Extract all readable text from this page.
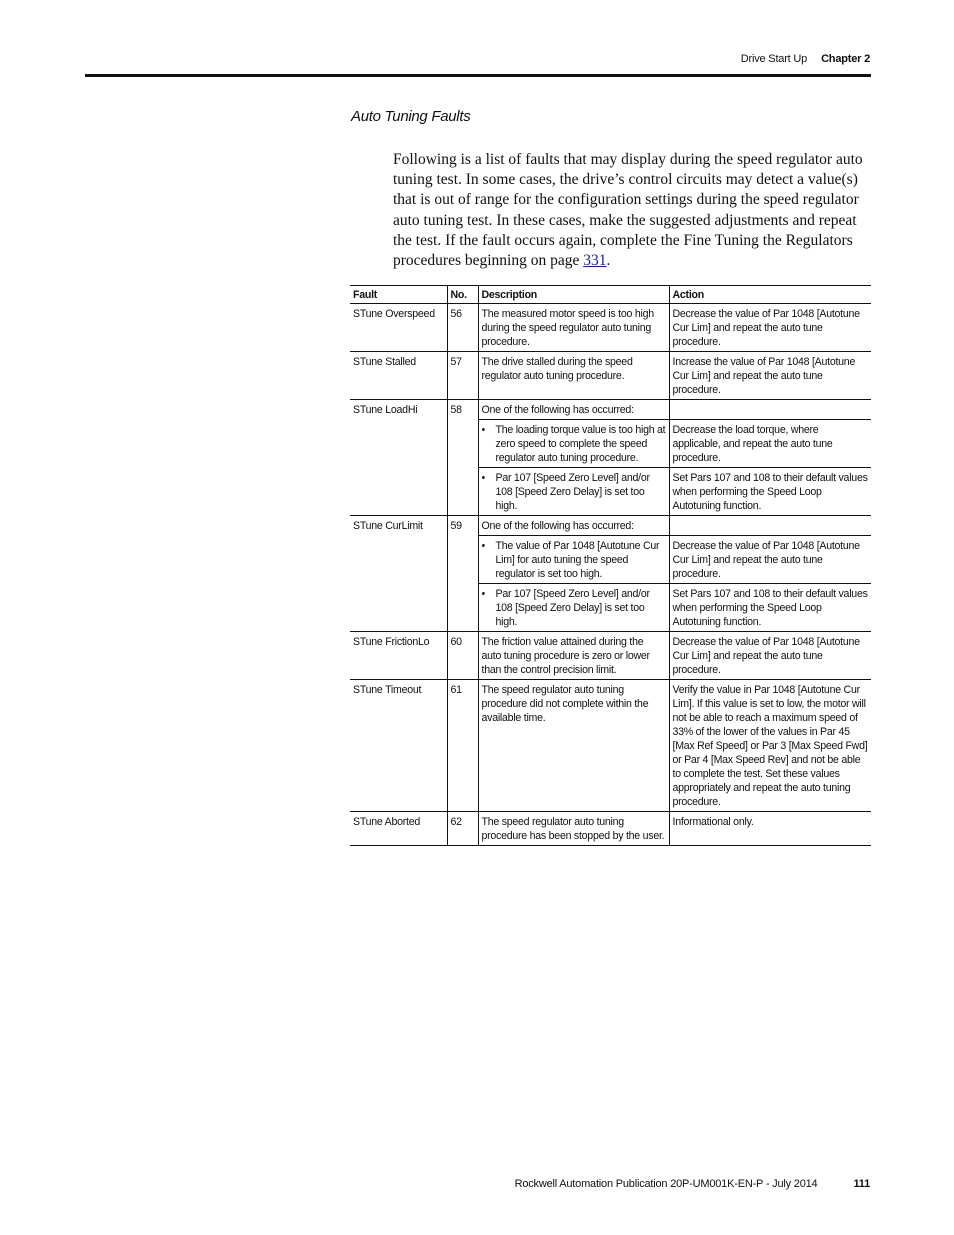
Drive Start Up Chapter 2
Auto Tuning Faults

Following is a list of faults that may display during the speed regulator auto tuning test. In some cases, the drive’s control circuits may detect a value(s) that is out of range for the configuration settings during the speed regulator auto tuning test. In these cases, make the suggested adjustments and repeat the test. If the fault occurs again, complete the Fine Tuning the Regulators procedures beginning on page 331.

Fault	No.	Description	Action
STune Overspeed	56	The measured motor speed is too high during the speed regulator auto tuning procedure.	Decrease the value of Par 1048 [Autotune Cur Lim] and repeat the auto tune procedure.
STune Stalled	57	The drive stalled during the speed regulator auto tuning procedure.	Increase the value of Par 1048 [Autotune Cur Lim] and repeat the auto tune procedure.
STune LoadHi	58	One of the following has occurred:	

		• The loading torque value is too high at zero speed to complete the speed regulator auto tuning procedure.	Decrease the load torque, where applicable, and repeat the auto tune procedure.

		• Par 107 [Speed Zero Level] and/or 108 [Speed Zero Delay] is set too high.	Set Pars 107 and 108 to their default values when performing the Speed Loop Autotuning function.
STune CurLimit	59	One of the following has occurred:	

		• The value of Par 1048 [Autotune Cur Lim] for auto tuning the speed regulator is set too high.	Decrease the value of Par 1048 [Autotune Cur Lim] and repeat the auto tune procedure.

		• Par 107 [Speed Zero Level] and/or 108 [Speed Zero Delay] is set too high.	Set Pars 107 and 108 to their default values when performing the Speed Loop Autotuning function.
STune FrictionLo	60	The friction value attained during the auto tuning procedure is zero or lower than the control precision limit.	Decrease the value of Par 1048 [Autotune Cur Lim] and repeat the auto tune procedure.
STune Timeout	61	The speed regulator auto tuning procedure did not complete within the available time.	Verify the value in Par 1048 [Autotune Cur Lim]. If this value is set to low, the motor will not be able to reach a maximum speed of 33% of the lower of the values in Par 45 [Max Ref Speed] or Par 3 [Max Speed Fwd] or Par 4 [Max Speed Rev] and not be able to complete the test. Set these values appropriately and repeat the auto tuning procedure.
STune Aborted	62	The speed regulator auto tuning procedure has been stopped by the user.	Informational only.
Rockwell Automation Publication 20P-UM001K-EN-P - July 2014	111
